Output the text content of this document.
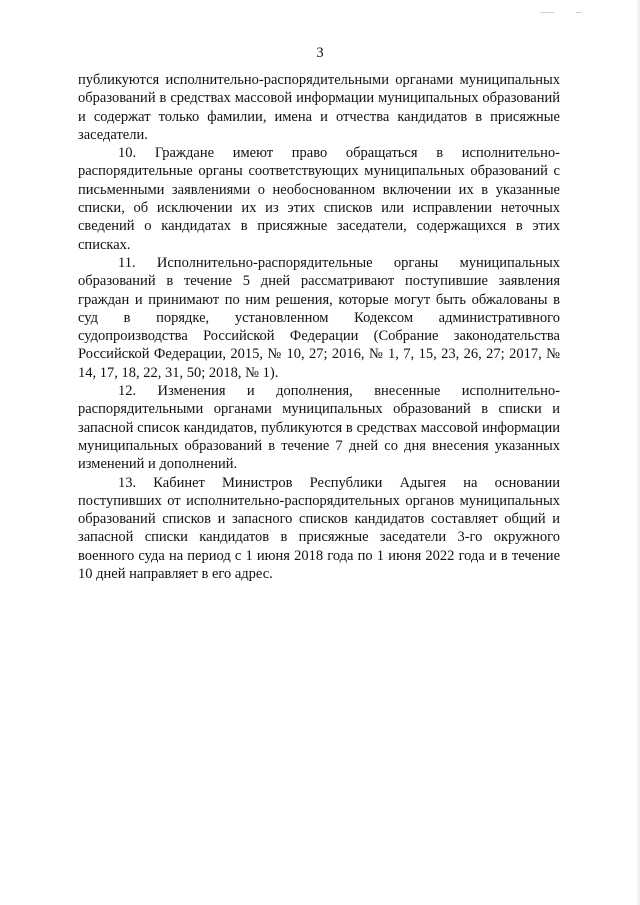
3

публикуются исполнительно-распорядительными органами муниципальных образований в средствах массовой информации муниципальных образований и содержат только фамилии, имена и отчества кандидатов в присяжные заседатели.

10. Граждане имеют право обращаться в исполнительно-распорядительные органы соответствующих муниципальных образований с письменными заявлениями о необоснованном включении их в указанные списки, об исключении их из этих списков или исправлении неточных сведений о кандидатах в присяжные заседатели, содержащихся в этих списках.

11. Исполнительно-распорядительные органы муниципальных образований в течение 5 дней рассматривают поступившие заявления граждан и принимают по ним решения, которые могут быть обжалованы в суд в порядке, установленном Кодексом административного судопроизводства Российской Федерации (Собрание законодательства Российской Федерации, 2015, № 10, 27; 2016, № 1, 7, 15, 23, 26, 27; 2017, № 14, 17, 18, 22, 31, 50; 2018, № 1).

12. Изменения и дополнения, внесенные исполнительно-распорядительными органами муниципальных образований в списки и запасной список кандидатов, публикуются в средствах массовой информации муниципальных образований в течение 7 дней со дня внесения указанных изменений и дополнений.

13. Кабинет Министров Республики Адыгея на основании поступивших от исполнительно-распорядительных органов муниципальных образований списков и запасного списков кандидатов составляет общий и запасной списки кандидатов в присяжные заседатели 3-го окружного военного суда на период с 1 июня 2018 года по 1 июня 2022 года и в течение 10 дней направляет в его адрес.
